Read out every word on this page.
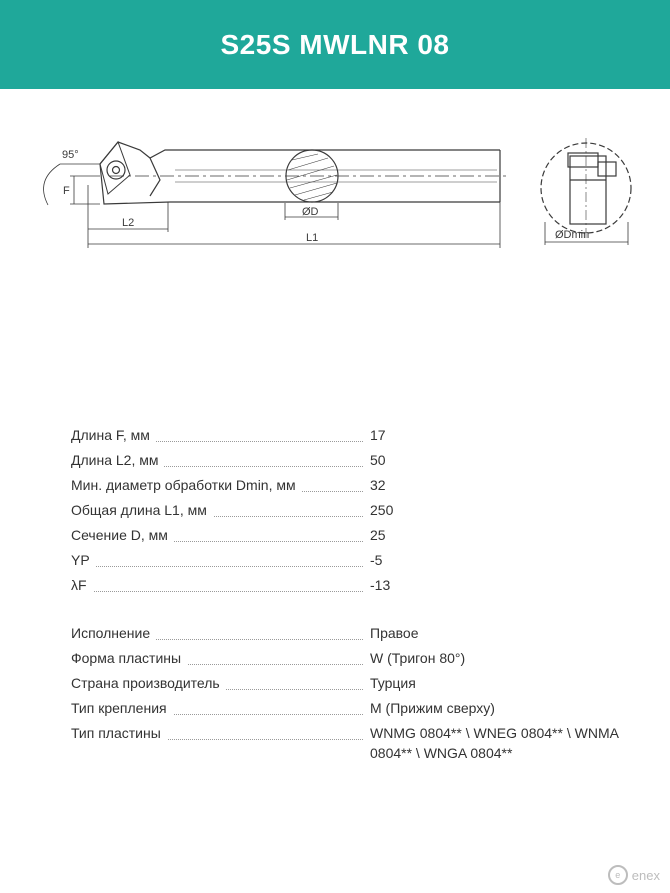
S25S MWLNR 08
95°
F
L2
L1
ØD
ØDmin
Длина F, мм	17
Длина L2, мм	50
Мин. диаметр обработки Dmin, мм	32
Общая длина L1, мм	250
Сечение D, мм	25
YP	-5
λF	-13
Исполнение	Правое
Форма пластины	W (Тригон 80°)
Страна производитель	Турция
Тип крепления	M (Прижим сверху)
Тип пластины	WNMG 0804** \ WNEG 0804** \ WNMA 0804** \ WNGA 0804**
e enex
